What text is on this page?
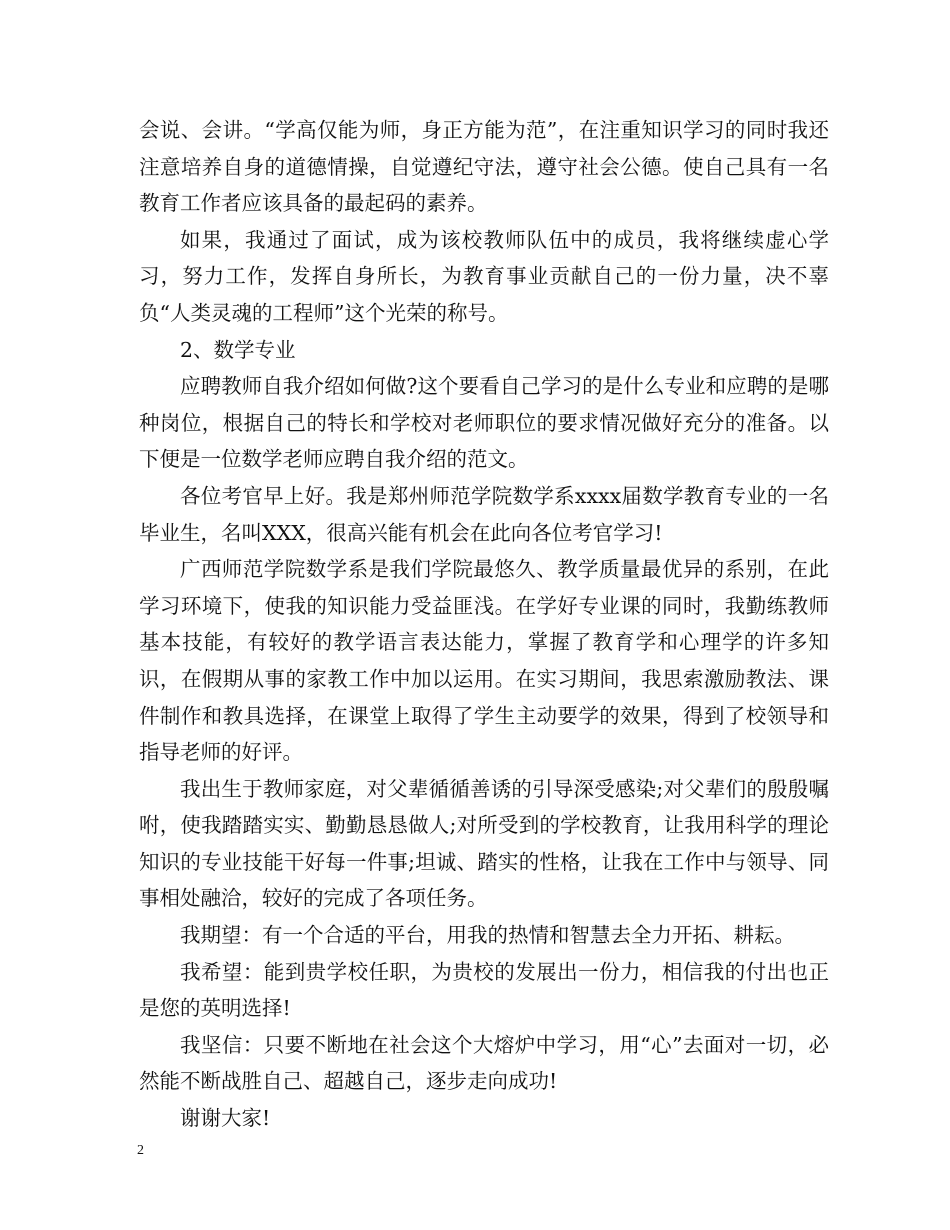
会说、会讲。“学高仅能为师，身正方能为范”，在注重知识学习的同时我还注意培养自身的道德情操，自觉遵纪守法，遵守社会公德。使自己具有一名教育工作者应该具备的最起码的素养。

如果，我通过了面试，成为该校教师队伍中的成员，我将继续虚心学习，努力工作，发挥自身所长，为教育事业贡献自己的一份力量，决不辜负“人类灵魂的工程师”这个光荣的称号。

2、数学专业

应聘教师自我介绍如何做?这个要看自己学习的是什么专业和应聘的是哪种岗位，根据自己的特长和学校对老师职位的要求情况做好充分的准备。以下便是一位数学老师应聘自我介绍的范文。

各位考官早上好。我是郑州师范学院数学系xxxx届数学教育专业的一名毕业生，名叫XXX，很高兴能有机会在此向各位考官学习!

广西师范学院数学系是我们学院最悠久、教学质量最优异的系别，在此学习环境下，使我的知识能力受益匪浅。在学好专业课的同时，我勤练教师基本技能，有较好的教学语言表达能力，掌握了教育学和心理学的许多知识，在假期从事的家教工作中加以运用。在实习期间，我思索激励教法、课件制作和教具选择，在课堂上取得了学生主动要学的效果，得到了校领导和指导老师的好评。

我出生于教师家庭，对父辈循循善诱的引导深受感染;对父辈们的殷殷嘱咐，使我踏踏实实、勤勤恳恳做人;对所受到的学校教育，让我用科学的理论知识的专业技能干好每一件事;坦诚、踏实的性格，让我在工作中与领导、同事相处融洽，较好的完成了各项任务。

我期望：有一个合适的平台，用我的热情和智慧去全力开拓、耕耘。

我希望：能到贵学校任职，为贵校的发展出一份力，相信我的付出也正是您的英明选择!

我坚信：只要不断地在社会这个大熔炉中学习，用“心”去面对一切，必然能不断战胜自己、超越自己，逐步走向成功!

谢谢大家!

2
